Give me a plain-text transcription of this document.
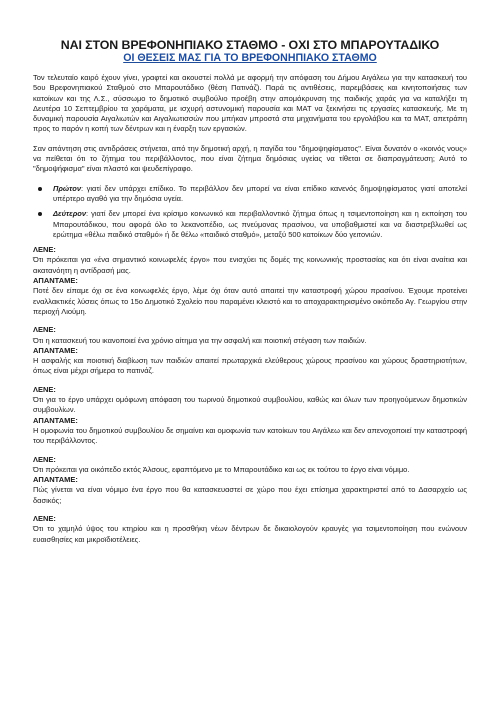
ΝΑΙ ΣΤΟΝ ΒΡΕΦΟΝΗΠΙΑΚΟ ΣΤΑΘΜΟ - ΟΧΙ ΣΤΟ ΜΠΑΡΟΥΤΑΔΙΚΟ
ΟΙ ΘΕΣΕΙΣ ΜΑΣ ΓΙΑ ΤΟ ΒΡΕΦΟΝΗΠΙΑΚΟ ΣΤΑΘΜΟ

Τον τελευταίο καιρό έχουν γίνει, γραφτεί και ακουστεί πολλά με αφορμή την απόφαση του Δήμου Αιγάλεω για την κατασκευή του 5ου Βρεφονηπιακού Σταθμού στο Μπαρουτάδικο (θέση Πατινάζ). Παρά τις αντιθέσεις, παρεμβάσεις και κινητοποιήσεις των κατοίκων και της Λ.Σ., σύσσωμο το δημοτικό συμβούλιο προέβη στην απομάκρυνση της παιδικής χαράς για να καταλήξει τη Δευτέρα 10 Σεπτεμβρίου τα χαράματα, με ισχυρή αστυνομική παρουσία και ΜΑΤ να ξεκινήσει τις εργασίες κατασκευής. Με τη δυναμική παρουσία Αιγαλιωτών και Αιγαλιωτισσών που μπήκαν μπροστά στα μηχανήματα του εργολάβου και τα ΜΑΤ, απετράπη προς το παρόν η κοπή των δέντρων και η έναρξη των εργασιών.

Σαν απάντηση στις αντιδράσεις στήνεται, από την δημοτική αρχή, η παγίδα του "δημοψηφίσματος". Είναι δυνατόν ο «κοινός νους» να πείθεται ότι το ζήτημα του περιβάλλοντος, που είναι ζήτημα δημόσιας υγείας να τίθεται σε διαπραγμάτευση; Αυτό το "δημοψήφισμα" είναι πλαστό και ψευδεπίγραφο.

Πρώτον: γιατί δεν υπάρχει επίδικο. Το περιβάλλον δεν μπορεί να είναι επίδικο κανενός δημοψηφίσματος γιατί αποτελεί υπέρτερο αγαθό για την δημόσια υγεία.
Δεύτερον: γιατί δεν μπορεί ένα κρίσιμο κοινωνικό και περιβαλλοντικό ζήτημα όπως η τσιμεντοποίηση και η εκποίηση του Μπαρουτάδικου, που αφορά όλο το λεκανοπέδιο, ως πνεύμονας πρασίνου, να υποβαθμιστεί και να διαστρεβλωθεί ως ερώτημα «θέλω παιδικό σταθμό» ή δε θέλω «παιδικό σταθμό», μεταξύ 500 κατοίκων δύο γειτονιών.

ΛΕΝΕ:

Ότι πρόκειται για «ένα σημαντικό κοινωφελές έργο» που ενισχύει τις δομές της κοινωνικής προστασίας και ότι είναι αναίτια και ακατανόητη η αντίδρασή μας.

ΑΠΑΝΤΑΜΕ:

Ποτέ δεν είπαμε όχι σε ένα κοινωφελές έργο, λέμε όχι όταν αυτό απαιτεί την καταστροφή χώρου πρασίνου. Έχουμε προτείνει εναλλακτικές λύσεις όπως το 15ο Δημοτικό Σχολείο που παραμένει κλειστό και το αποχαρακτηρισμένο οικόπεδο Αγ. Γεωργίου στην περιοχή Λιούμη.

ΛΕΝΕ:

Ότι η κατασκευή του ικανοποιεί ένα χρόνιο αίτημα για την ασφαλή και ποιοτική στέγαση των παιδιών.

ΑΠΑΝΤΑΜΕ:

Η ασφαλής και ποιοτική διαβίωση των παιδιών απαιτεί πρωταρχικά ελεύθερους χώρους πρασίνου και χώρους δραστηριοτήτων, όπως είναι μέχρι σήμερα το πατινάζ.

ΛΕΝΕ:

Ότι για το έργο υπάρχει ομόφωνη απόφαση του τωρινού δημοτικού συμβουλίου, καθώς και όλων των προηγούμενων δημοτικών συμβουλίων.

ΑΠΑΝΤΑΜΕ:

Η ομοφωνία του δημοτικού συμβουλίου δε σημαίνει και ομοφωνία των κατοίκων του Αιγάλεω και δεν απενοχοποιεί την καταστροφή του περιβάλλοντος.

ΛΕΝΕ:

Ότι πρόκειται για οικόπεδο εκτός Άλσους, εφαπτόμενο με το Μπαρουτάδικο και ως εκ τούτου το έργο είναι νόμιμο.

ΑΠΑΝΤΑΜΕ:

Πώς γίνεται να είναι νόμιμο ένα έργο που θα κατασκευαστεί σε χώρο που έχει επίσημα χαρακτηριστεί από το Δασαρχείο ως δασικός;

ΛΕΝΕ:

Ότι το χαμηλό ύψος του κτηρίου και η προσθήκη νέων δέντρων δε δικαιολογούν κραυγές για τσιμεντοποίηση που ενώνουν ευαισθησίες και μικροϊδιοτέλειες.
